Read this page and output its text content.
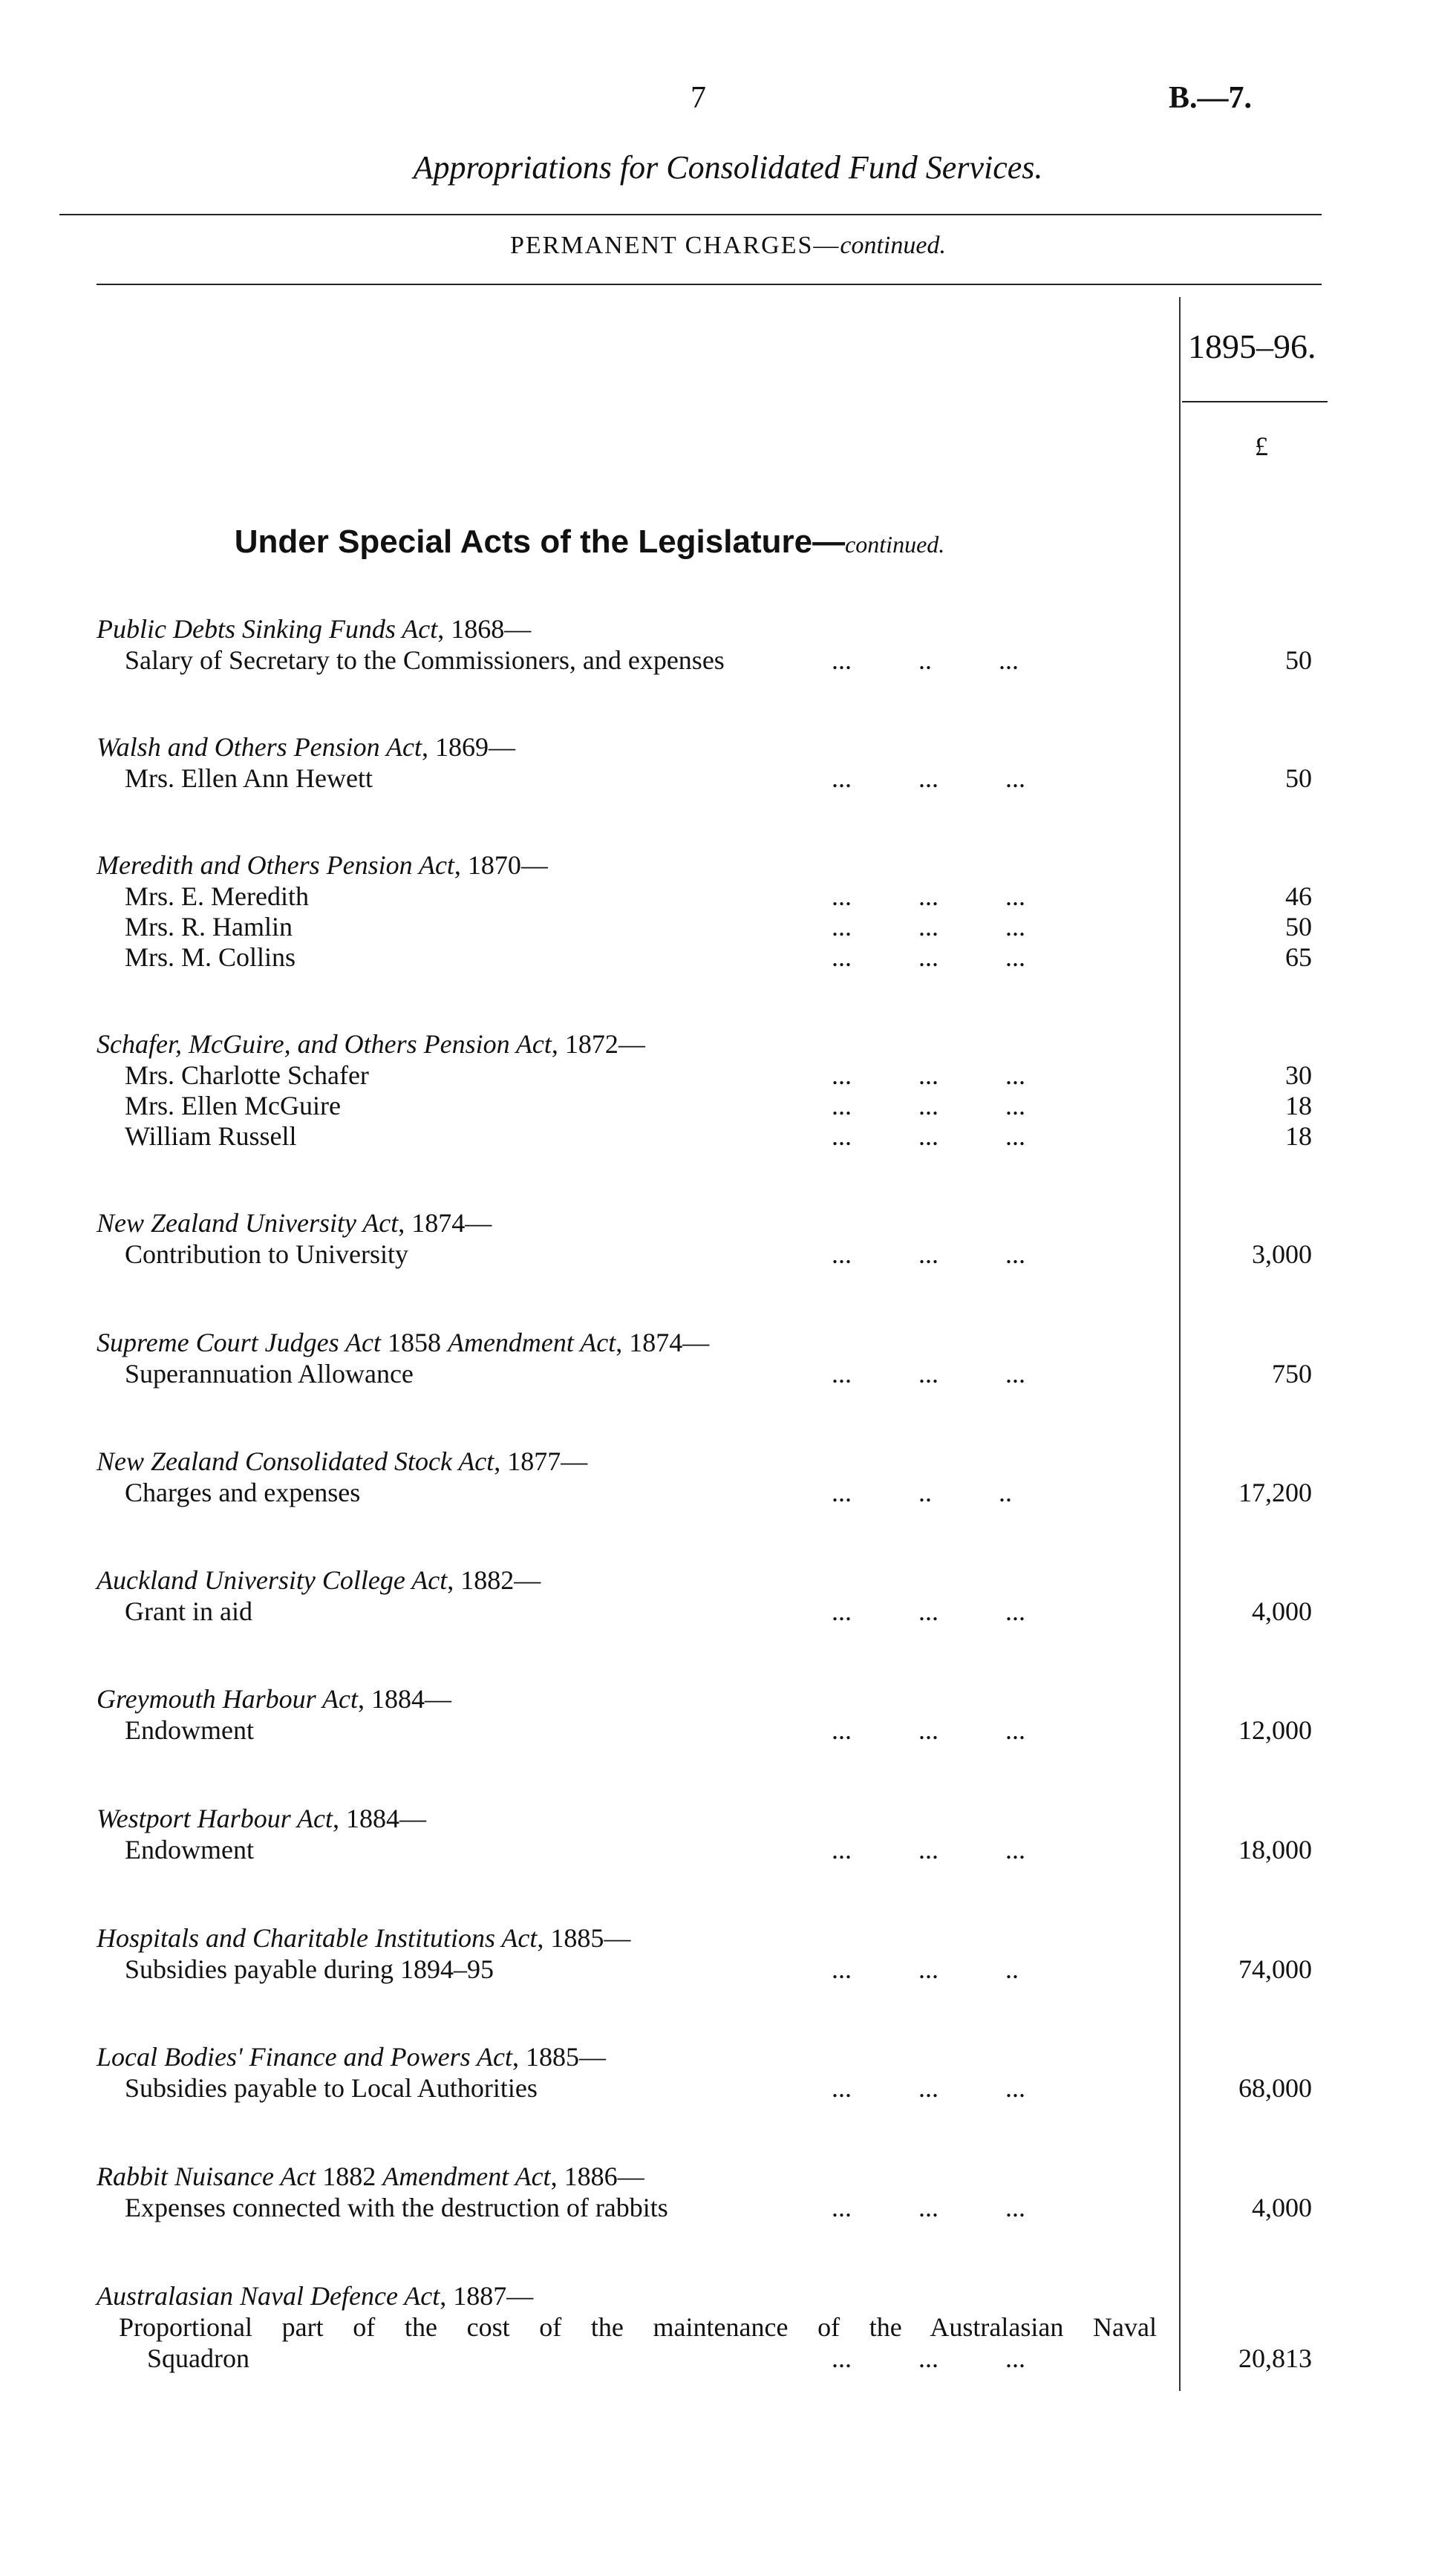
7	B.—7.
Appropriations for Consolidated Fund Services.
PERMANENT CHARGES—continued.
1895–96.
£
Under Special Acts of the Legislature—continued.
Public Debts Sinking Funds Act, 1868—
Salary of Secretary to the Commissioners, and expenses	...          ..          ...	50
Walsh and Others Pension Act, 1869—
Mrs. Ellen Ann Hewett	...          ...          ...	50
Meredith and Others Pension Act, 1870—
Mrs. E. Meredith	...          ...          ...	46
Mrs. R. Hamlin	...          ...          ...	50
Mrs. M. Collins	...          ...          ...	65
Schafer, McGuire, and Others Pension Act, 1872—
Mrs. Charlotte Schafer	...          ...          ...	30
Mrs. Ellen McGuire	...          ...          ...	18
William Russell	...          ...          ...	18
New Zealand University Act, 1874—
Contribution to University	...          ...          ...	3,000
Supreme Court Judges Act 1858 Amendment Act, 1874—
Superannuation Allowance	...          ...          ...	750
New Zealand Consolidated Stock Act, 1877—
Charges and expenses	...          ..          ..	17,200
Auckland University College Act, 1882—
Grant in aid	...          ...          ...	4,000
Greymouth Harbour Act, 1884—
Endowment	...          ...          ...	12,000
Westport Harbour Act, 1884—
Endowment	...          ...          ...	18,000
Hospitals and Charitable Institutions Act, 1885—
Subsidies payable during 1894–95	...          ...          ..	74,000
Local Bodies' Finance and Powers Act, 1885—
Subsidies payable to Local Authorities	...          ...          ...	68,000
Rabbit Nuisance Act 1882 Amendment Act, 1886—
Expenses connected with the destruction of rabbits	...          ...          ...	4,000
Australasian Naval Defence Act, 1887—
Proportional part of the cost of the maintenance of the Australasian Naval
Squadron	...          ...          ...	20,813
